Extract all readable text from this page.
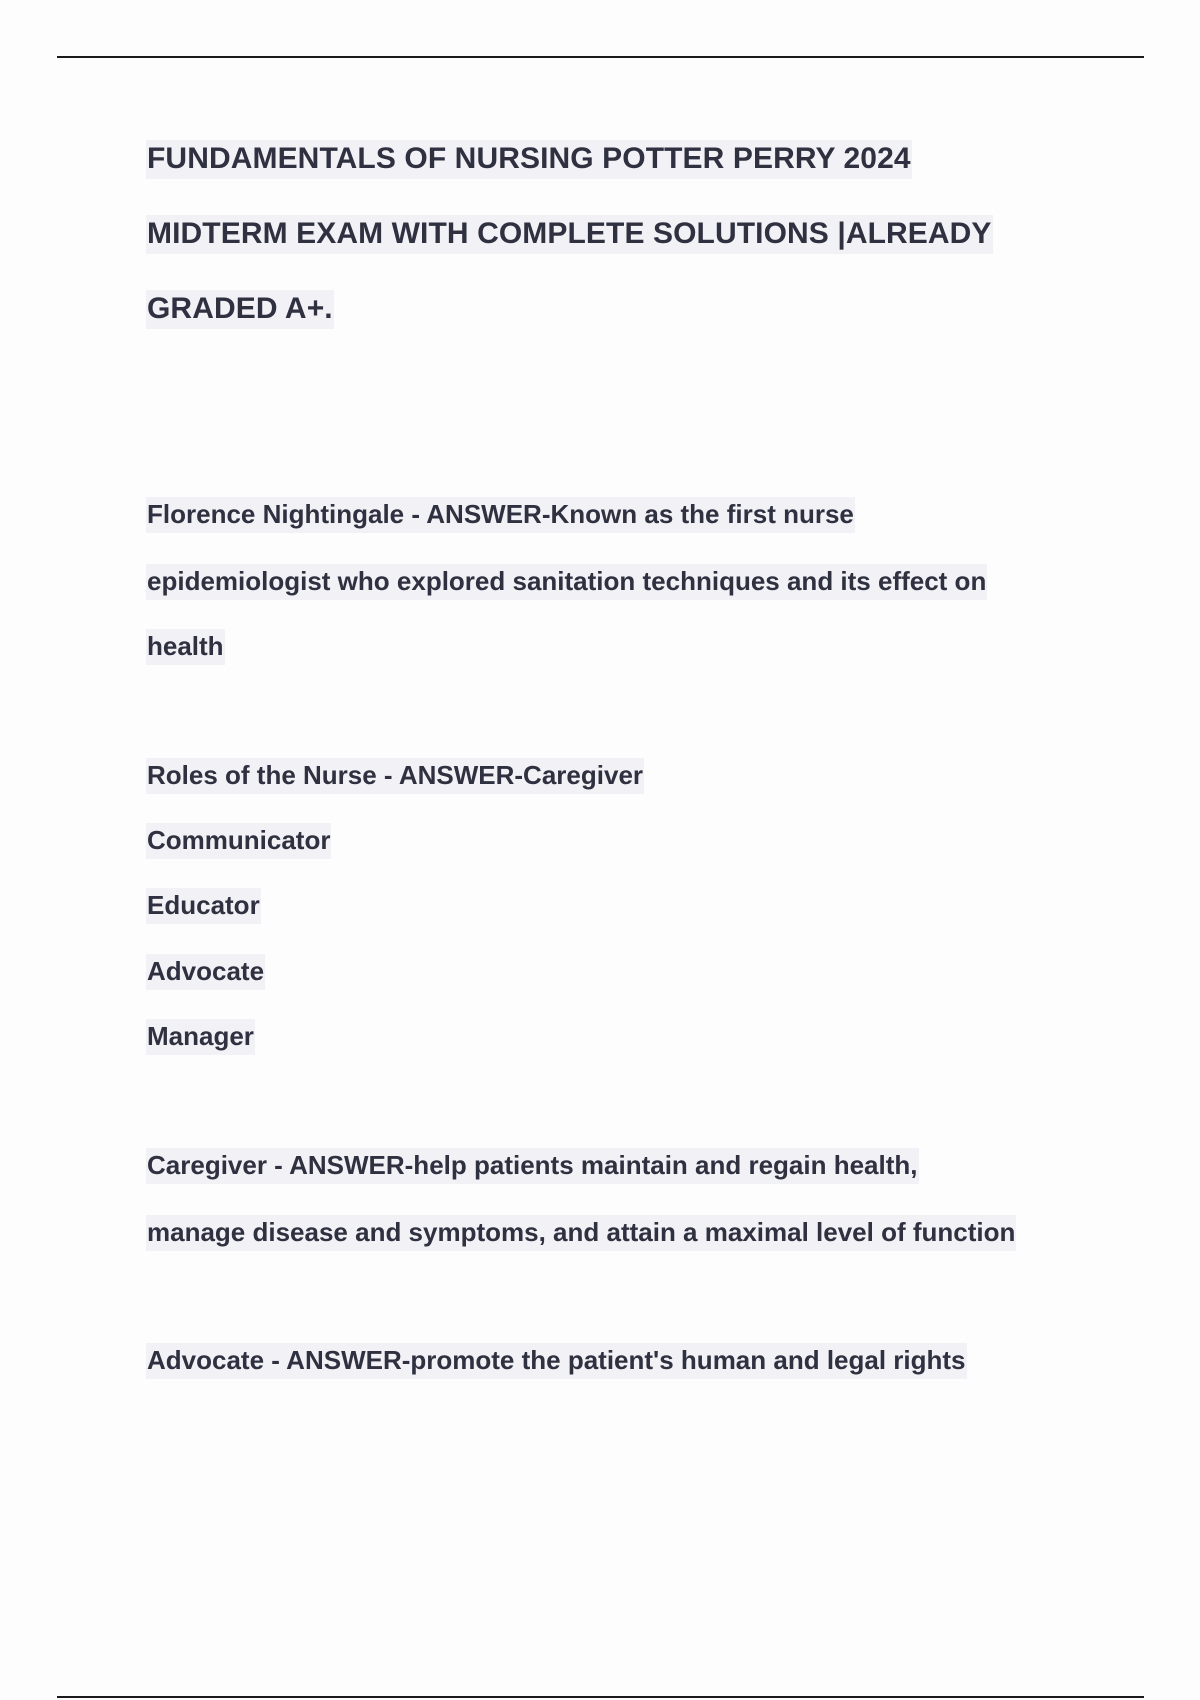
FUNDAMENTALS OF NURSING POTTER PERRY 2024
MIDTERM EXAM WITH COMPLETE SOLUTIONS |ALREADY
GRADED A+.
Florence Nightingale - ANSWER-Known as the first nurse
epidemiologist who explored sanitation techniques and its effect on
health
Roles of the Nurse - ANSWER-Caregiver
Communicator
Educator
Advocate
Manager
Caregiver - ANSWER-help patients maintain and regain health,
manage disease and symptoms, and attain a maximal level of function
Advocate - ANSWER-promote the patient's human and legal rights
